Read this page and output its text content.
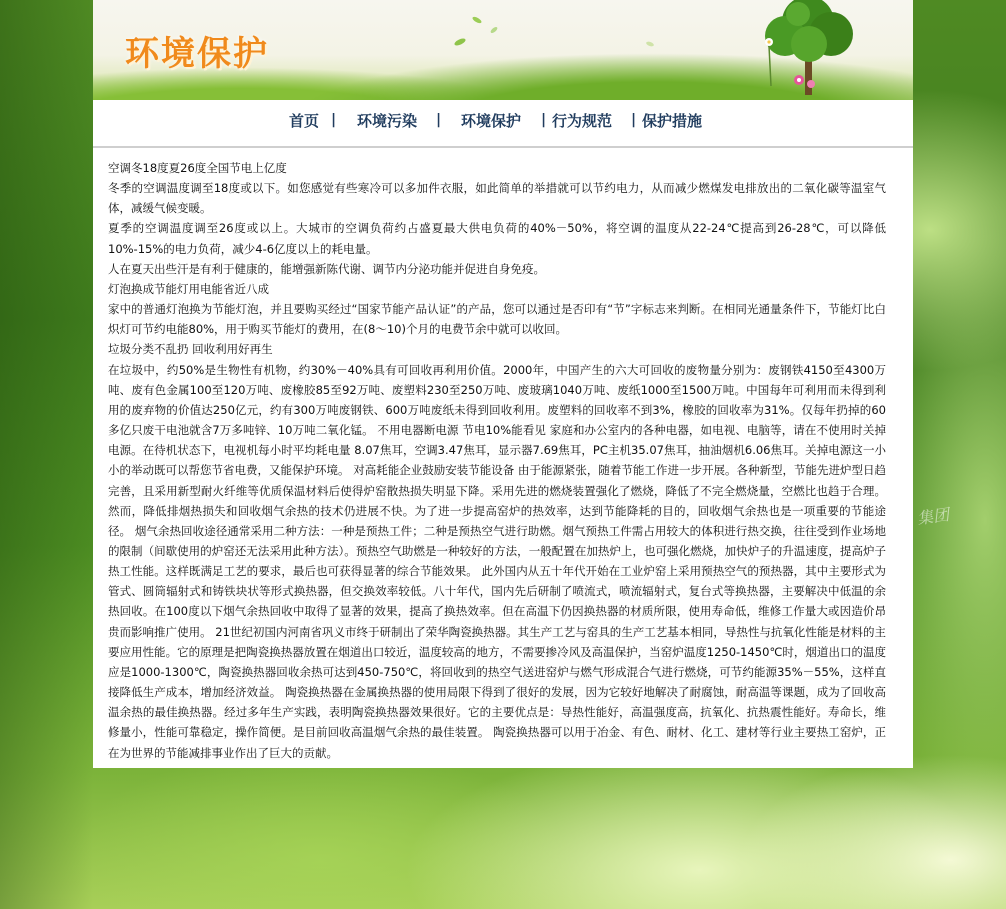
集团
环境保护
首页 | 环境污染 | 环境保护 | 行为规范 | 保护措施

空调冬18度夏26度全国节电上亿度

冬季的空调温度调至18度或以下。如您感觉有些寒冷可以多加件衣服，如此简单的举措就可以节约电力，从而减少燃煤发电排放出的二氧化碳等温室气体，减缓气候变暖。

夏季的空调温度调至26度或以上。大城市的空调负荷约占盛夏最大供电负荷的40%－50%，将空调的温度从22-24℃提高到26-28℃，可以降低10%-15%的电力负荷，减少4-6亿度以上的耗电量。

人在夏天出些汗是有利于健康的，能增强新陈代谢、调节内分泌功能并促进自身免疫。

灯泡换成节能灯用电能省近八成

家中的普通灯泡换为节能灯泡，并且要购买经过“国家节能产品认证”的产品，您可以通过是否印有“节”字标志来判断。在相同光通量条件下，节能灯比白炽灯可节约电能80%，用于购买节能灯的费用，在(8～10)个月的电费节余中就可以收回。

垃圾分类不乱扔 回收利用好再生

在垃圾中，约50%是生物性有机物，约30%－40%具有可回收再利用价值。2000年，中国产生的六大可回收的废物量分别为：废钢铁4150至4300万吨、废有色金属100至120万吨、废橡胶85至92万吨、废塑料230至250万吨、废玻璃1040万吨、废纸1000至1500万吨。中国每年可利用而未得到利用的废弃物的价值达250亿元，约有300万吨废钢铁、600万吨废纸未得到回收利用。废塑料的回收率不到3%，橡胶的回收率为31%。仅每年扔掉的60多亿只废干电池就含7万多吨锌、10万吨二氧化锰。 不用电器断电源 节电10%能看见 家庭和办公室内的各种电器，如电视、电脑等，请在不使用时关掉电源。在待机状态下，电视机每小时平均耗电量 8.07焦耳，空调3.47焦耳，显示器7.69焦耳，PC主机35.07焦耳，抽油烟机6.06焦耳。关掉电源这一小小的举动既可以帮您节省电费，又能保护环境。 对高耗能企业鼓励安装节能设备 由于能源紧张，随着节能工作进一步开展。各种新型，节能先进炉型日趋完善，且采用新型耐火纤维等优质保温材料后使得炉窑散热损失明显下降。采用先进的燃烧装置强化了燃烧，降低了不完全燃烧量，空燃比也趋于合理。然而，降低排烟热损失和回收烟气余热的技术仍进展不快。为了进一步提高窑炉的热效率，达到节能降耗的目的，回收烟气余热也是一项重要的节能途径。 烟气余热回收途径通常采用二种方法：一种是预热工件；二种是预热空气进行助燃。烟气预热工件需占用较大的体积进行热交换，往往受到作业场地的限制（间歇使用的炉窑还无法采用此种方法）。预热空气助燃是一种较好的方法，一般配置在加热炉上，也可强化燃烧，加快炉子的升温速度，提高炉子热工性能。这样既满足工艺的要求，最后也可获得显著的综合节能效果。 此外国内从五十年代开始在工业炉窑上采用预热空气的预热器，其中主要形式为管式、圆筒辐射式和铸铁块状等形式换热器，但交换效率较低。八十年代，国内先后研制了喷流式，喷流辐射式，复台式等换热器，主要解决中低温的余热回收。在100度以下烟气余热回收中取得了显著的效果，提高了换热效率。但在高温下仍因换热器的材质所限，使用寿命低，维修工作量大或因造价昂贵而影响推广使用。 21世纪初国内河南省巩义市终于研制出了荣华陶瓷换热器。其生产工艺与窑具的生产工艺基本相同，导热性与抗氧化性能是材料的主要应用性能。它的原理是把陶瓷换热器放置在烟道出口较近，温度较高的地方，不需要掺冷风及高温保护，当窑炉温度1250-1450℃时，烟道出口的温度应是1000-1300℃，陶瓷换热器回收余热可达到450-750℃，将回收到的热空气送进窑炉与燃气形成混合气进行燃烧，可节约能源35%－55%，这样直接降低生产成本，增加经济效益。 陶瓷换热器在金属换热器的使用局限下得到了很好的发展，因为它较好地解决了耐腐蚀，耐高温等课题，成为了回收高温余热的最佳换热器。经过多年生产实践，表明陶瓷换热器效果很好。它的主要优点是：导热性能好，高温强度高，抗氧化、抗热震性能好。寿命长，维修量小，性能可靠稳定，操作简便。是目前回收高温烟气余热的最佳装置。 陶瓷换热器可以用于冶金、有色、耐材、化工、建材等行业主要热工窑炉，正在为世界的节能减排事业作出了巨大的贡献。
